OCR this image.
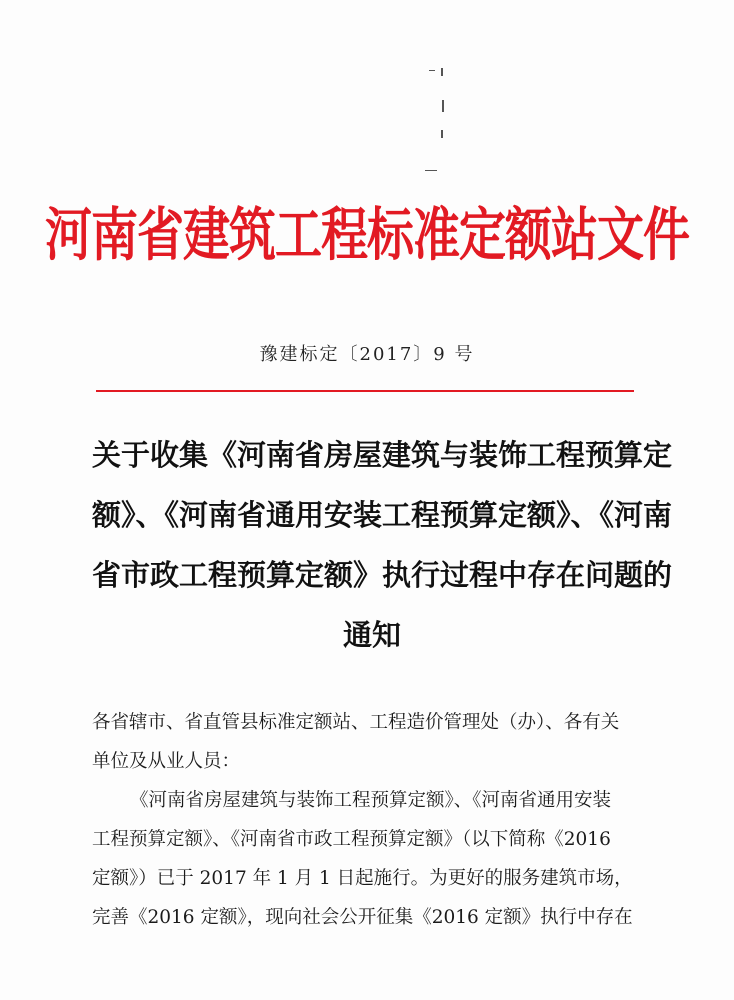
河南省建筑工程标准定额站文件
豫建标定〔2017〕9 号
关于收集《河南省房屋建筑与装饰工程预算定
额》、《河南省通用安装工程预算定额》、《河南
省市政工程预算定额》执行过程中存在问题的
通知
各省辖市、省直管县标准定额站、工程造价管理处（办）、各有关
单位及从业人员：
《河南省房屋建筑与装饰工程预算定额》、《河南省通用安装
工程预算定额》、《河南省市政工程预算定额》（以下简称《2016
定额》）已于 2017 年 1 月 1 日起施行。为更好的服务建筑市场，
完善《2016 定额》，现向社会公开征集《2016 定额》执行中存在
